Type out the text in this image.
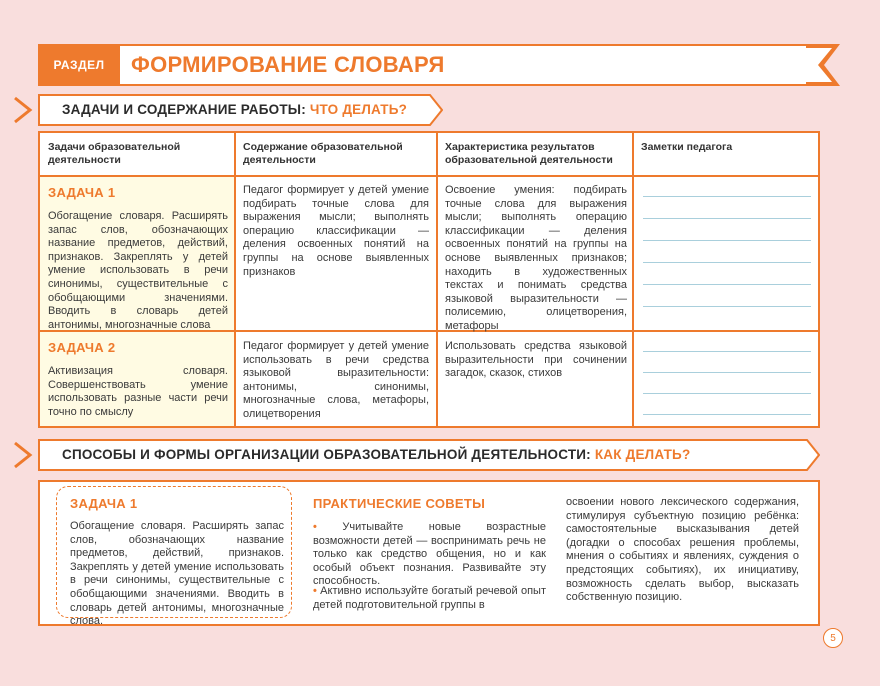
РАЗДЕЛ	ФОРМИРОВАНИЕ СЛОВАРЯ
ЗАДАЧИ И СОДЕРЖАНИЕ РАБОТЫ: ЧТО ДЕЛАТЬ?
Задачи образовательной деятельности
Содержание образовательной деятельности
Характеристика результатов образовательной деятельности
Заметки педагога
ЗАДАЧА 1
Обогащение словаря. Расширять запас слов, обозначающих название предметов, действий, признаков. Закреплять у детей умение использовать в речи синонимы, существительные с обобщающими значениями. Вводить в словарь детей антонимы, многозначные слова
Педагог формирует у детей умение подбирать точные слова для выражения мысли; выполнять операцию классификации — деления освоенных понятий на группы на основе выявленных признаков
Освоение умения: подбирать точные слова для выражения мысли; выполнять операцию классификации — деления освоенных понятий на группы на основе выявленных признаков; находить в художественных текстах и понимать средства языковой выразительности — полисемию, олицетворения, метафоры
ЗАДАЧА 2
Активизация словаря. Совершенствовать умение использовать разные части речи точно по смыслу
Педагог формирует у детей умение использовать в речи средства языковой выразительности: антонимы, синонимы, многозначные слова, метафоры, олицетворения
Использовать средства языковой выразительности при сочинении загадок, сказок, стихов
СПОСОБЫ И ФОРМЫ ОРГАНИЗАЦИИ ОБРАЗОВАТЕЛЬНОЙ ДЕЯТЕЛЬНОСТИ: КАК ДЕЛАТЬ?
ЗАДАЧА 1
Обогащение словаря. Расширять запас слов, обозначающих название предметов, действий, признаков. Закреплять у детей умение использовать в речи синонимы, существительные с обобщающими значениями. Вводить в словарь детей антонимы, многозначные слова.
ПРАКТИЧЕСКИЕ СОВЕТЫ
• Учитывайте новые возрастные возможности детей — воспринимать речь не только как средство общения, но и как особый объект познания. Развивайте эту способность.
• Активно используйте богатый речевой опыт детей подготовительной группы в
освоении нового лексического содержания, стимулируя субъектную позицию ребёнка: самостоятельные высказывания детей (догадки о способах решения проблемы, мнения о событиях и явлениях, суждения о предстоящих событиях), их инициативу, возможность сделать выбор, высказать собственную позицию.
5
